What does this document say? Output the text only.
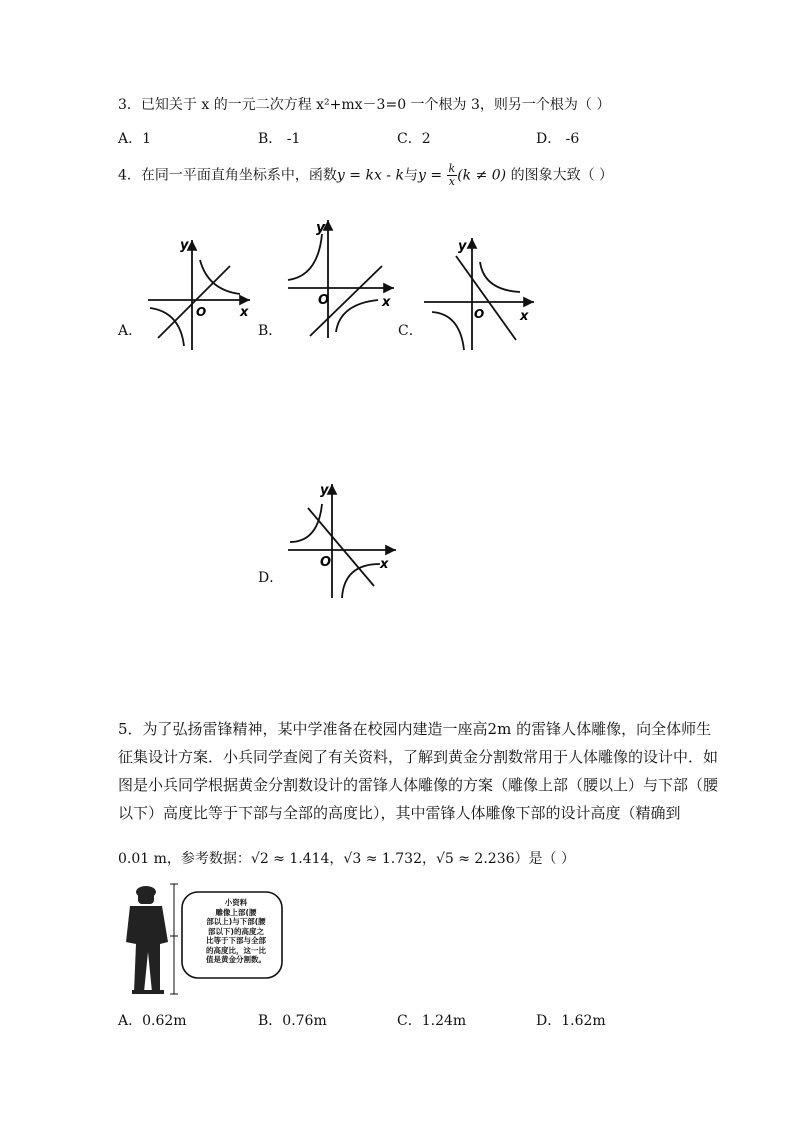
3．已知关于 x 的一元二次方程 x²+mx－3=0 一个根为 3，则另一个根为（ ）
A．1	B． -1	C．2	D． -6
4．在同一平面直角坐标系中，函数y = kx - k与$y = \frac{k}{x} (k \ne 0)$ 的图象大致（ ）
A．
y
x
O
B．
y
x
O
C．
y
x
O
D．
y
x
O
5．为了弘扬雷锋精神，某中学准备在校园内建造一座高2m 的雷锋人体雕像，向全体师生
征集设计方案．小兵同学查阅了有关资料，了解到黄金分割数常用于人体雕像的设计中．如
图是小兵同学根据黄金分割数设计的雷锋人体雕像的方案（雕像上部（腰以上）与下部（腰
以下）高度比等于下部与全部的高度比），其中雷锋人体雕像下部的设计高度（精确到
0.01 m，参考数据：√2 ≈ 1.414，√3 ≈ 1.732，√5 ≈ 2.236）是（ ）
小资料
雕像上部(腰
部以上)与下部(腰
部以下)的高度之
比等于下部与全部
的高度比，这一比
值是黄金分割数。
A．0.62m	B．0.76m	C．1.24m	D．1.62m
